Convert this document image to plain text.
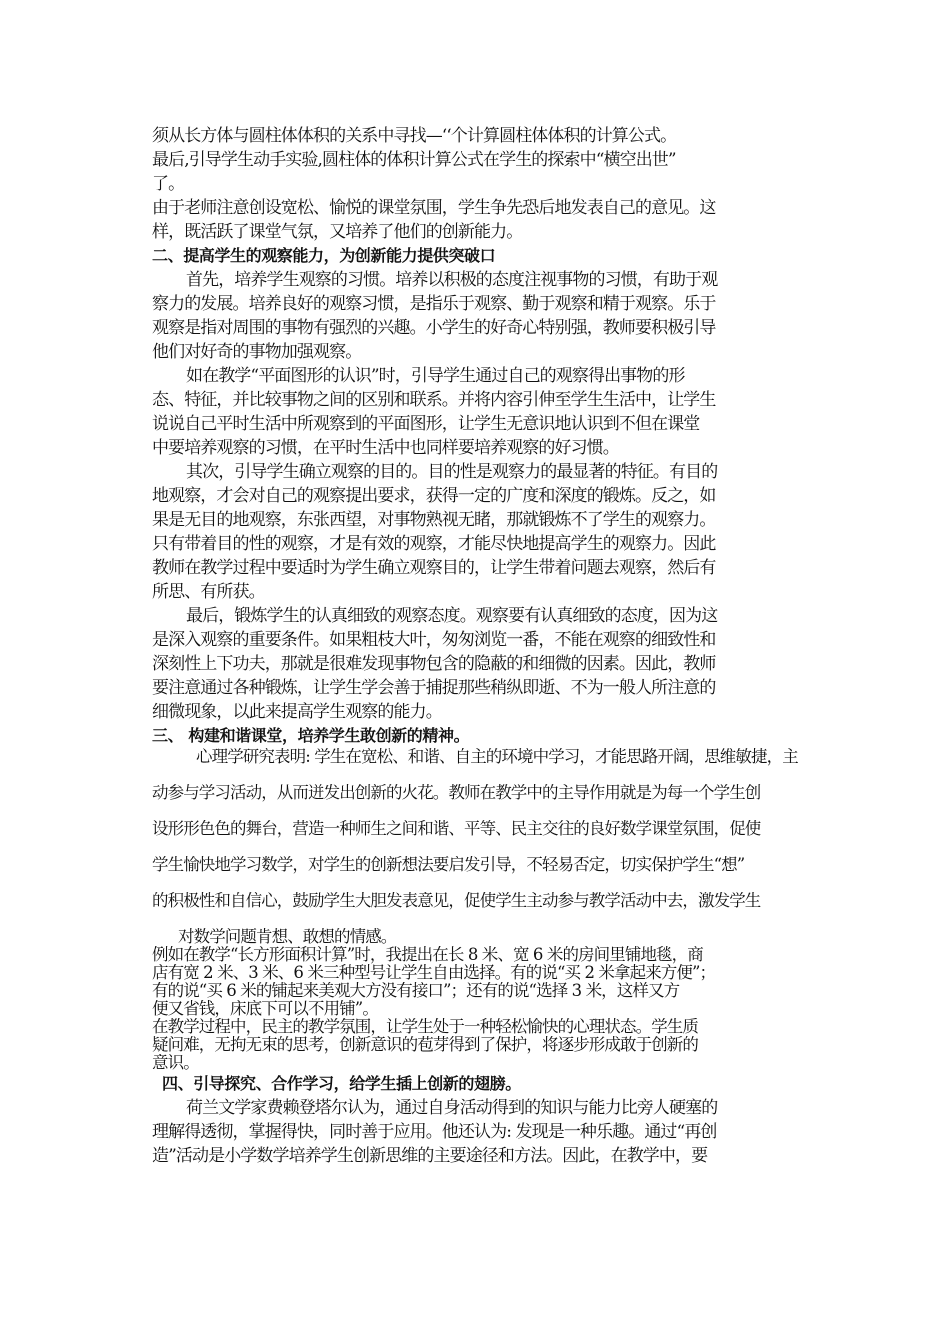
须从长方体与圆柱体体积的关系中寻找—‘‘个计算圆柱体体积的计算公式。
最后,引导学生动手实验,圆柱体的体积计算公式在学生的探索中“横空出世”
了。
由于老师注意创设宽松、愉悦的课堂氛围，学生争先恐后地发表自己的意见。这
样，既活跃了课堂气氛，又培养了他们的创新能力。
二、提高学生的观察能力，为创新能力提供突破口
首先，培养学生观察的习惯。培养以积极的态度注视事物的习惯，有助于观
察力的发展。培养良好的观察习惯，是指乐于观察、勤于观察和精于观察。乐于
观察是指对周围的事物有强烈的兴趣。小学生的好奇心特别强，教师要积极引导
他们对好奇的事物加强观察。
如在教学“平面图形的认识”时，引导学生通过自己的观察得出事物的形
态、特征，并比较事物之间的区别和联系。并将内容引伸至学生生活中，让学生
说说自己平时生活中所观察到的平面图形，让学生无意识地认识到不但在课堂
中要培养观察的习惯，在平时生活中也同样要培养观察的好习惯。
其次，引导学生确立观察的目的。目的性是观察力的最显著的特征。有目的
地观察，才会对自己的观察提出要求，获得一定的广度和深度的锻炼。反之，如
果是无目的地观察，东张西望，对事物熟视无睹，那就锻炼不了学生的观察力。
只有带着目的性的观察，才是有效的观察，才能尽快地提高学生的观察力。因此
教师在教学过程中要适时为学生确立观察目的，让学生带着问题去观察，然后有
所思、有所获。
最后，锻炼学生的认真细致的观察态度。观察要有认真细致的态度，因为这
是深入观察的重要条件。如果粗枝大叶，匆匆浏览一番，不能在观察的细致性和
深刻性上下功夫，那就是很难发现事物包含的隐蔽的和细微的因素。因此，教师
要注意通过各种锻炼，让学生学会善于捕捉那些稍纵即逝、不为一般人所注意的
细微现象，以此来提高学生观察的能力。
三、 构建和谐课堂，培养学生敢创新的精神。
心理学研究表明: 学生在宽松、和谐、自主的环境中学习，才能思路开阔，思维敏捷，主
动参与学习活动，从而迸发出创新的火花。教师在教学中的主导作用就是为每一个学生创
设形形色色的舞台，营造一种师生之间和谐、平等、民主交往的良好数学课堂氛围，促使
学生愉快地学习数学，对学生的创新想法要启发引导，不轻易否定，切实保护学生“想”
的积极性和自信心，鼓励学生大胆发表意见，促使学生主动参与教学活动中去，激发学生
对数学问题肯想、敢想的情感。
例如在教学“长方形面积计算”时，我提出在长 8 米、宽 6 米的房间里铺地毯，商
店有宽 2 米、3 米、6 米三种型号让学生自由选择。有的说“买 2 米拿起来方便”；
有的说“买 6 米的铺起来美观大方没有接口”；还有的说“选择 3 米，这样又方
便又省钱，床底下可以不用铺”。
在教学过程中，民主的教学氛围，让学生处于一种轻松愉快的心理状态。学生质
疑问难，无拘无束的思考，创新意识的苞芽得到了保护，将逐步形成敢于创新的
意识。
四、引导探究、合作学习，给学生插上创新的翅膀。
荷兰文学家费赖登塔尔认为，通过自身活动得到的知识与能力比旁人硬塞的
理解得透彻，掌握得快，同时善于应用。他还认为: 发现是一种乐趣。通过“再创
造”活动是小学数学培养学生创新思维的主要途径和方法。因此，在教学中，要
